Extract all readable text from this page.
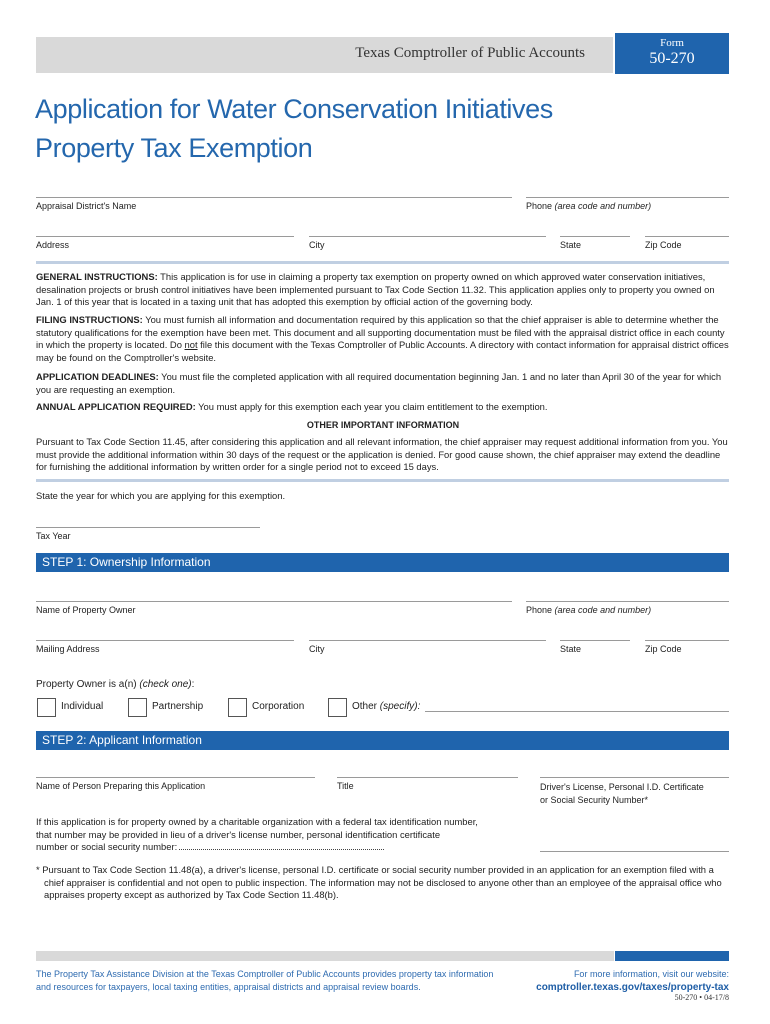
Texas Comptroller of Public Accounts
Form
50-270
Application for Water Conservation Initiatives
Property Tax Exemption
Appraisal District's Name	Phone (area code and number)
Address	City	State	Zip Code
GENERAL INSTRUCTIONS: This application is for use in claiming a property tax exemption on property owned on which approved water conservation initiatives, desalination projects or brush control initiatives have been implemented pursuant to Tax Code Section 11.32. This application applies only to property you owned on Jan. 1 of this year that is located in a taxing unit that has adopted this exemption by official action of the governing body.
FILING INSTRUCTIONS: You must furnish all information and documentation required by this application so that the chief appraiser is able to determine whether the statutory qualifications for the exemption have been met. This document and all supporting documentation must be filed with the appraisal district office in each county in which the property is located. Do not file this document with the Texas Comptroller of Public Accounts. A directory with contact information for appraisal district offices may be found on the Comptroller's website.
APPLICATION DEADLINES: You must file the completed application with all required documentation beginning Jan. 1 and no later than April 30 of the year for which you are requesting an exemption.
ANNUAL APPLICATION REQUIRED: You must apply for this exemption each year you claim entitlement to the exemption.
OTHER IMPORTANT INFORMATION
Pursuant to Tax Code Section 11.45, after considering this application and all relevant information, the chief appraiser may request additional information from you. You must provide the additional information within 30 days of the request or the application is denied. For good cause shown, the chief appraiser may extend the deadline for furnishing the additional information by written order for a single period not to exceed 15 days.
State the year for which you are applying for this exemption.
Tax Year
STEP 1: Ownership Information
Name of Property Owner	Phone (area code and number)
Mailing Address	City	State	Zip Code
Property Owner is a(n) (check one):
Individual	Partnership	Corporation	Other (specify):
STEP 2: Applicant Information
Name of Person Preparing this Application	Title	Driver's License, Personal I.D. Certificate
or Social Security Number*
If this application is for property owned by a charitable organization with a federal tax identification number,
that number may be provided in lieu of a driver's license number, personal identification certificate
number or social security number:
* Pursuant to Tax Code Section 11.48(a), a driver's license, personal I.D. certificate or social security number provided in an application for an exemption filed with a chief appraiser is confidential and not open to public inspection. The information may not be disclosed to anyone other than an employee of the appraisal office who appraises property except as authorized by Tax Code Section 11.48(b).
The Property Tax Assistance Division at the Texas Comptroller of Public Accounts provides property tax information and resources for taxpayers, local taxing entities, appraisal districts and appraisal review boards.
For more information, visit our website:
comptroller.texas.gov/taxes/property-tax
50-270 • 04-17/8
